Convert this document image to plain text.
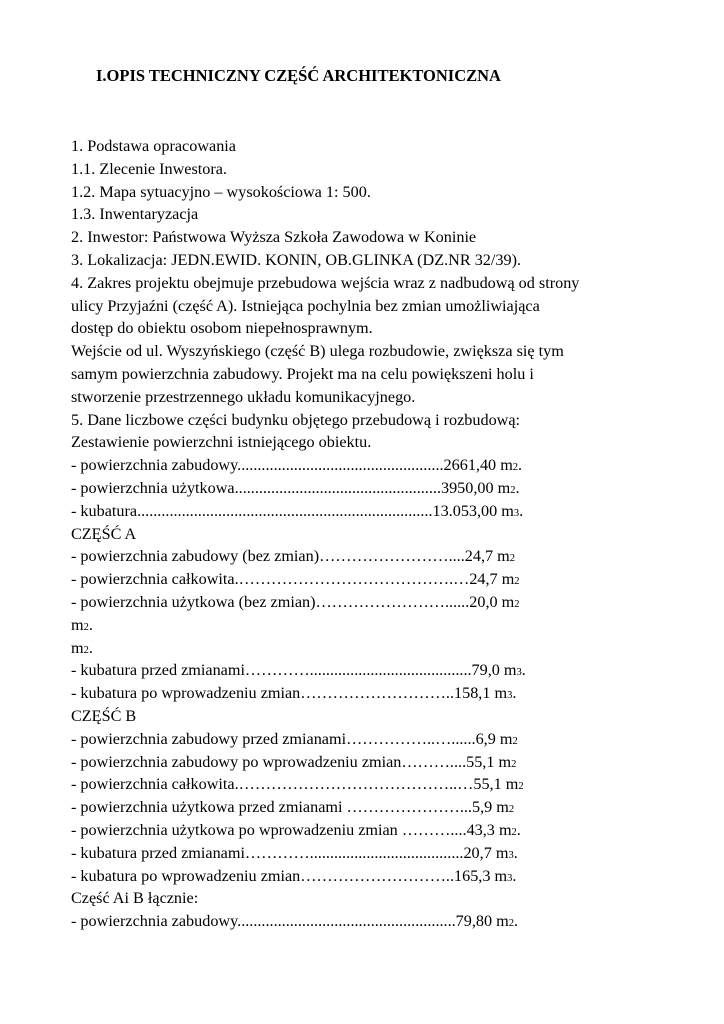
I.OPIS TECHNICZNY CZĘŚĆ ARCHITEKTONICZNA
1. Podstawa opracowania
1.1. Zlecenie Inwestora.
1.2. Mapa sytuacyjno – wysokościowa 1: 500.
1.3. Inwentaryzacja
2. Inwestor: Państwowa Wyższa Szkoła Zawodowa w Koninie
3. Lokalizacja: JEDN.EWID. KONIN, OB.GLINKA (DZ.NR 32/39).
4. Zakres projektu obejmuje przebudowa wejścia wraz z nadbudową od strony
ulicy Przyjaźni (część A). Istniejąca pochylnia bez zmian umożliwiająca
dostęp do obiektu osobom niepełnosprawnym.
Wejście od ul. Wyszyńskiego (część B) ulega rozbudowie, zwiększa się tym
samym powierzchnia zabudowy. Projekt ma na celu powiększeni holu i
stworzenie przestrzennego układu komunikacyjnego.
5. Dane liczbowe części budynku objętego przebudową i rozbudową:
Zestawienie powierzchni istniejącego obiektu.
- powierzchnia zabudowy...................................................2661,40 m2.
- powierzchnia użytkowa...................................................3950,00 m2.
- kubatura.........................................................................13.053,00 m3.
CZĘŚĆ A
- powierzchnia zabudowy (bez zmian)……………………....24,7 m2
- powierzchnia całkowita.………………………………….…24,7 m2
- powierzchnia użytkowa (bez zmian)……………………......20,0 m2
m2.
m2.
- kubatura przed zmianami…………........................................79,0 m3.
- kubatura po wprowadzeniu zmian………………………..158,1 m3.
CZĘŚĆ B
- powierzchnia zabudowy przed zmianami……………..…......6,9 m2
- powierzchnia zabudowy po wprowadzeniu zmian………....55,1 m2
- powierzchnia całkowita.…………………………………..…55,1 m2
- powierzchnia użytkowa przed zmianami …………………...5,9 m2
- powierzchnia użytkowa po wprowadzeniu zmian ………....43,3 m2.
- kubatura przed zmianami…………......................................20,7 m3.
- kubatura po wprowadzeniu zmian………………………..165,3 m3.
Część Ai B łącznie:
- powierzchnia zabudowy......................................................79,80 m2.
